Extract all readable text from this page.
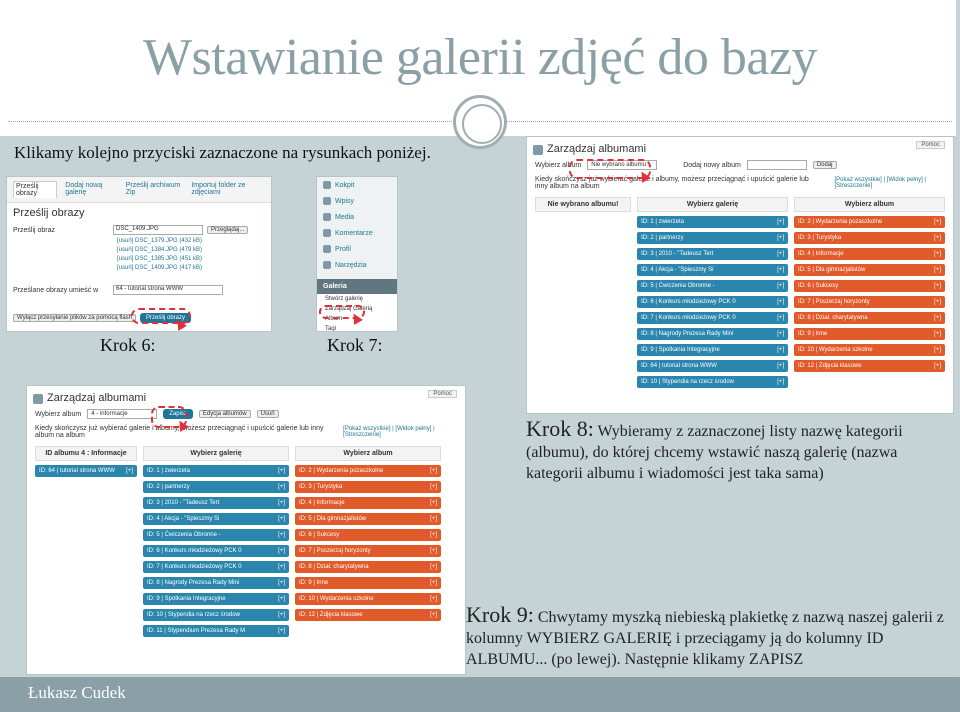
Wstawianie galerii zdjęć do bazy
Klikamy kolejno przyciski zaznaczone na rysunkach poniżej.
Prześlij obrazy
Dodaj nową galerię
Prześlij archiwum Zip
Importuj folder ze zdjęciami
Prześlij obrazy
Prześlij obraz	DSC_1409.JPG	Przeglądaj...
[usuń] DSC_1379.JPG (432 kB)
[usuń] DSC_1384.JPG (479 kB)
[usuń] DSC_1385.JPG (451 kB)
[usuń] DSC_1409.JPG (417 kB)
Prześlane obrazy umieść w	64 - tutorial strona WWW
Wyłącz przesyłanie plików za pomocą flash	Prześlij obrazy
Krok 6:
Kokpit
Wpisy
Media
Komentarze
Profil
Narzędzia
Galeria
Stwórz galerię
Zarządzaj Galerią
Album
Tagi
Krok 7:
Pomoc
Zarządzaj albumami
Wybierz album	Nie wybrano albumu	Dodaj nowy album	Dodaj
Kiedy skończysz już wybierać galerie i albumy, możesz przeciągnąć i upuścić galerie lub inny album na album
[Pokaż wszystkie] | [Widok pełny] | [Streszczenie]
Nie wybrano albumu!	Wybierz galerię
ID: 1 | zwierzeta	[+]
ID: 2 | partnerzy	[+]
ID: 3 | 2010 - "Tadeusz Tert	[+]
ID: 4 | Akcja - "Spieszmy Si	[+]
ID: 5 | Ćwiczenia Obronne -	[+]
ID: 6 | Konkurs młodzieżowy PCK 0	[+]
ID: 7 | Konkurs młodzieżowy PCK 0	[+]
ID: 8 | Nagrody Prezesa Rady Mini	[+]
ID: 9 | Spotkania Integracyjne	[+]
ID: 64 | tutorial strona WWW	[+]
ID: 10 | Stypendia na rzecz środow	[+]
Wybierz album
ID: 2 | Wydarzenia pozaszkolne	[+]
ID: 3 | Turystyka	[+]
ID: 4 | Informacje	[+]
ID: 5 | Dla gimnazjalistów	[+]
ID: 6 | Sukcesy	[+]
ID: 7 | Poszerzaj horyzonty	[+]
ID: 8 | Dział. charytatywna	[+]
ID: 9 | Inne	[+]
ID: 10 | Wydarzenia szkolne	[+]
ID: 12 | Zdjęcia klasowe	[+]
Krok 8: Wybieramy z zaznaczonej listy nazwę kategorii (albumu), do której chcemy wstawić naszą galerię (nazwa kategorii albumu i wiadomości jest taka sama)
Pomoc
Zarządzaj albumami
Wybierz album	4 - informacje	Zapisz	Edycja albumów	Usuń
Kiedy skończysz już wybierać galerie i albumy, możesz przeciągnąć i upuścić galerie lub inny album na album
[Pokaż wszystkie] | [Widok pełny] | [Streszczenie]
ID albumu 4 : Informacje
ID: 64 | tutorial strona WWW [+]
Wybierz galerię
ID: 1 | zwierzeta	[+]
ID: 2 | partnerzy	[+]
ID: 3 | 2010 - "Tadeusz Tert	[+]
ID: 4 | Akcja - "Spieszmy Si	[+]
ID: 5 | Ćwiczenia Obronne -	[+]
ID: 6 | Konkurs młodzieżowy PCK 0	[+]
ID: 7 | Konkurs młodzieżowy PCK 0	[+]
ID: 8 | Nagrody Prezesa Rady Mini	[+]
ID: 9 | Spotkania Integracyjne	[+]
ID: 10 | Stypendia na rzecz środow	[+]
ID: 11 | Stypendium Prezesa Rady M	[+]
Wybierz album
ID: 2 | Wydarzenia pozaszkolne	[+]
ID: 3 | Turystyka	[+]
ID: 4 | Informacje	[+]
ID: 5 | Dla gimnazjalistów	[+]
ID: 6 | Sukcesy	[+]
ID: 7 | Poszerzaj horyzonty	[+]
ID: 8 | Dział. charytatywna	[+]
ID: 9 | Inne	[+]
ID: 10 | Wydarzenia szkolne	[+]
ID: 12 | Zdjęcia klasowe	[+] Krok 9: Chwytamy myszką niebieską plakietkę z nazwą naszej galerii z kolumny WYBIERZ GALERIĘ i przeciągamy ją do kolumny ID ALBUMU... (po lewej). Następnie klikamy ZAPISZ
Łukasz Cudek
